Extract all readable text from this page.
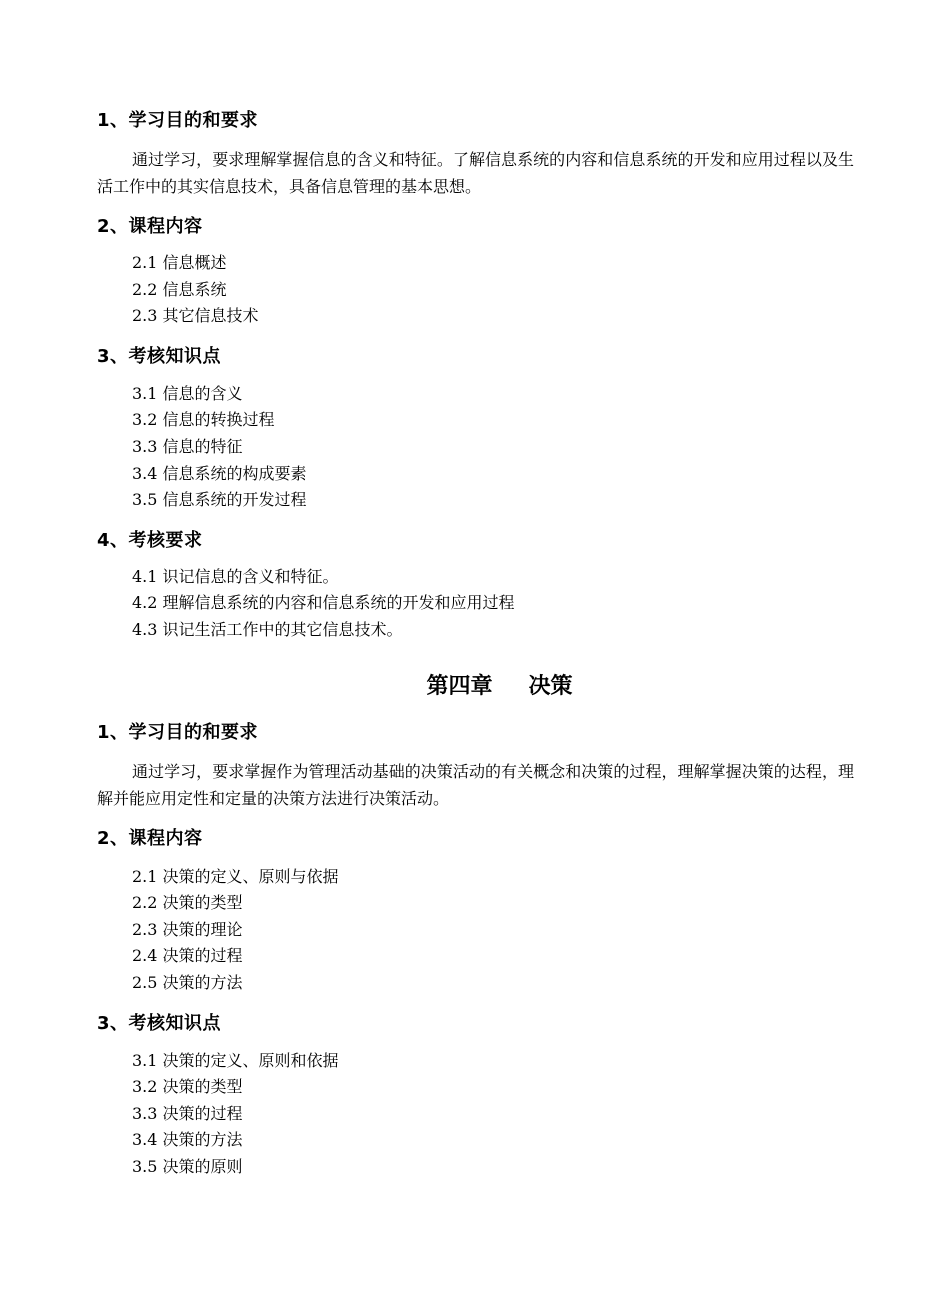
1、学习目的和要求

通过学习，要求理解掌握信息的含义和特征。了解信息系统的内容和信息系统的开发和应用过程以及生活工作中的其实信息技术，具备信息管理的基本思想。

2、课程内容
2.1 信息概述
2.2 信息系统
2.3 其它信息技术
3、考核知识点
3.1 信息的含义
3.2 信息的转换过程
3.3 信息的特征
3.4 信息系统的构成要素
3.5 信息系统的开发过程
4、考核要求
4.1 识记信息的含义和特征。
4.2 理解信息系统的内容和信息系统的开发和应用过程
4.3 识记生活工作中的其它信息技术。
第四章 决策
1、学习目的和要求

通过学习，要求掌握作为管理活动基础的决策活动的有关概念和决策的过程，理解掌握决策的达程，理解并能应用定性和定量的决策方法进行决策活动。

2、课程内容
2.1 决策的定义、原则与依据
2.2 决策的类型
2.3 决策的理论
2.4 决策的过程
2.5 决策的方法
3、考核知识点
3.1 决策的定义、原则和依据
3.2 决策的类型
3.3 决策的过程
3.4 决策的方法
3.5 决策的原则
